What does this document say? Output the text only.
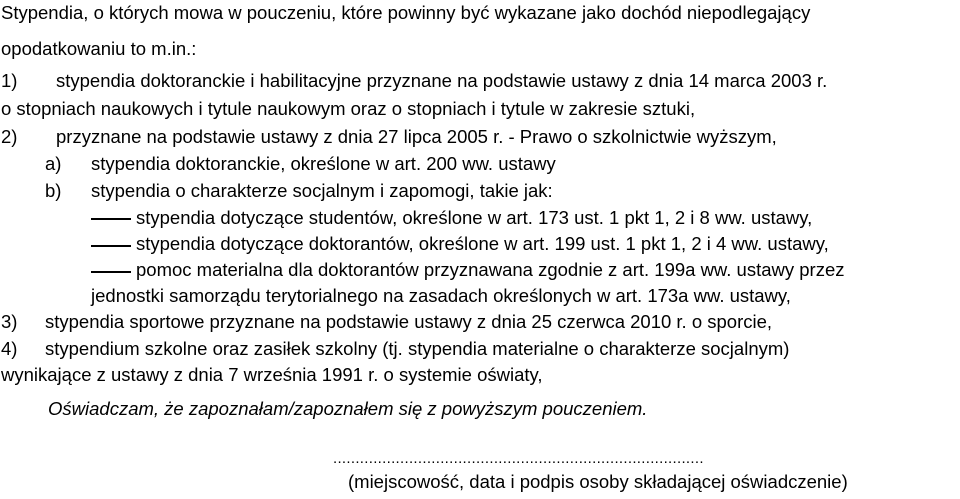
Stypendia, o których mowa w pouczeniu, które powinny być wykazane jako dochód niepodlegający
opodatkowaniu to m.in.:
1) stypendia doktoranckie i habilitacyjne przyznane na podstawie ustawy z dnia 14 marca 2003 r.
o stopniach naukowych i tytule naukowym oraz o stopniach i tytule w zakresie sztuki,
2) przyznane na podstawie ustawy z dnia 27 lipca 2005 r. - Prawo o szkolnictwie wyższym,
a) stypendia doktoranckie, określone w art. 200 ww. ustawy
b) stypendia o charakterze socjalnym i zapomogi, takie jak:
stypendia dotyczące studentów, określone w art. 173 ust. 1 pkt 1, 2 i 8 ww. ustawy,
stypendia dotyczące doktorantów, określone w art. 199 ust. 1 pkt 1, 2 i 4 ww. ustawy,
pomoc materialna dla doktorantów przyznawana zgodnie z art. 199a ww. ustawy przez
jednostki samorządu terytorialnego na zasadach określonych w art. 173a ww. ustawy,
3) stypendia sportowe przyznane na podstawie ustawy z dnia 25 czerwca 2010 r. o sporcie,
4) stypendium szkolne oraz zasiłek szkolny (tj. stypendia materialne o charakterze socjalnym)
wynikające z ustawy z dnia 7 września 1991 r. o systemie oświaty,
Oświadczam, że zapoznałam/zapoznałem się z powyższym pouczeniem.
...................................................................................
(miejscowość, data i podpis osoby składającej oświadczenie)
